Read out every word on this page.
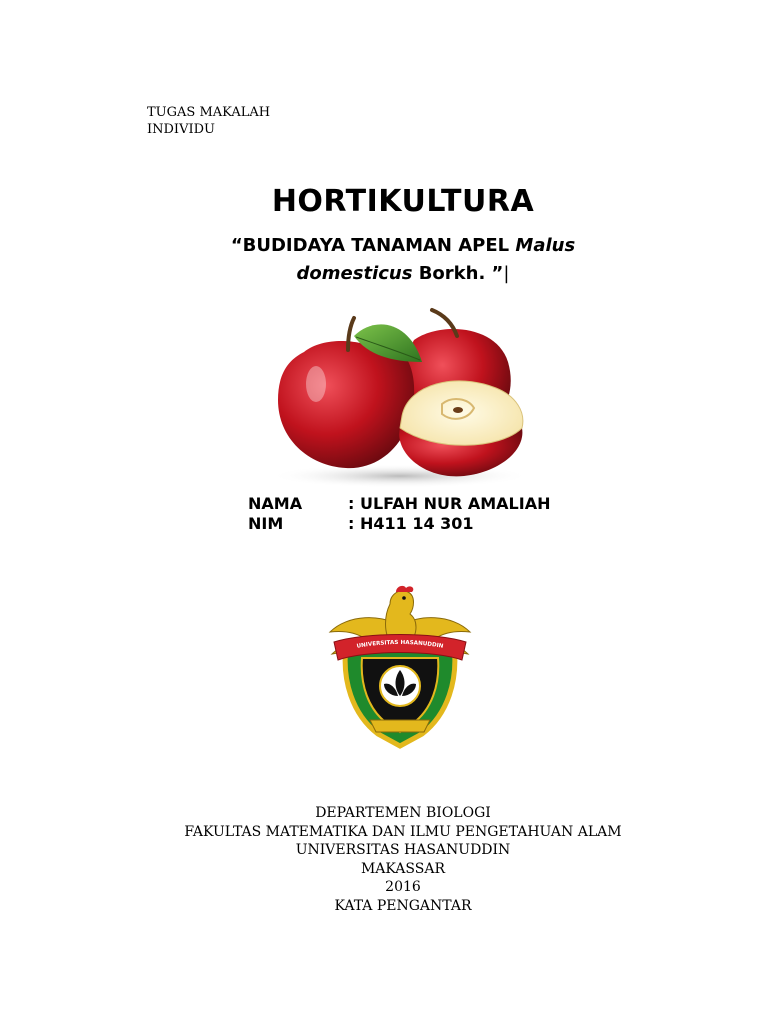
TUGAS MAKALAH
INDIVIDU
HORTIKULTURA
“BUDIDAYA TANAMAN APEL Malus
domesticus Borkh. ”|
NAMA	: ULFAH NUR AMALIAH
NIM	: H411 14 301
UNIVERSITAS HASANUDDIN
DEPARTEMEN BIOLOGI
FAKULTAS MATEMATIKA DAN ILMU PENGETAHUAN ALAM
UNIVERSITAS HASANUDDIN
MAKASSAR
2016
KATA PENGANTAR
